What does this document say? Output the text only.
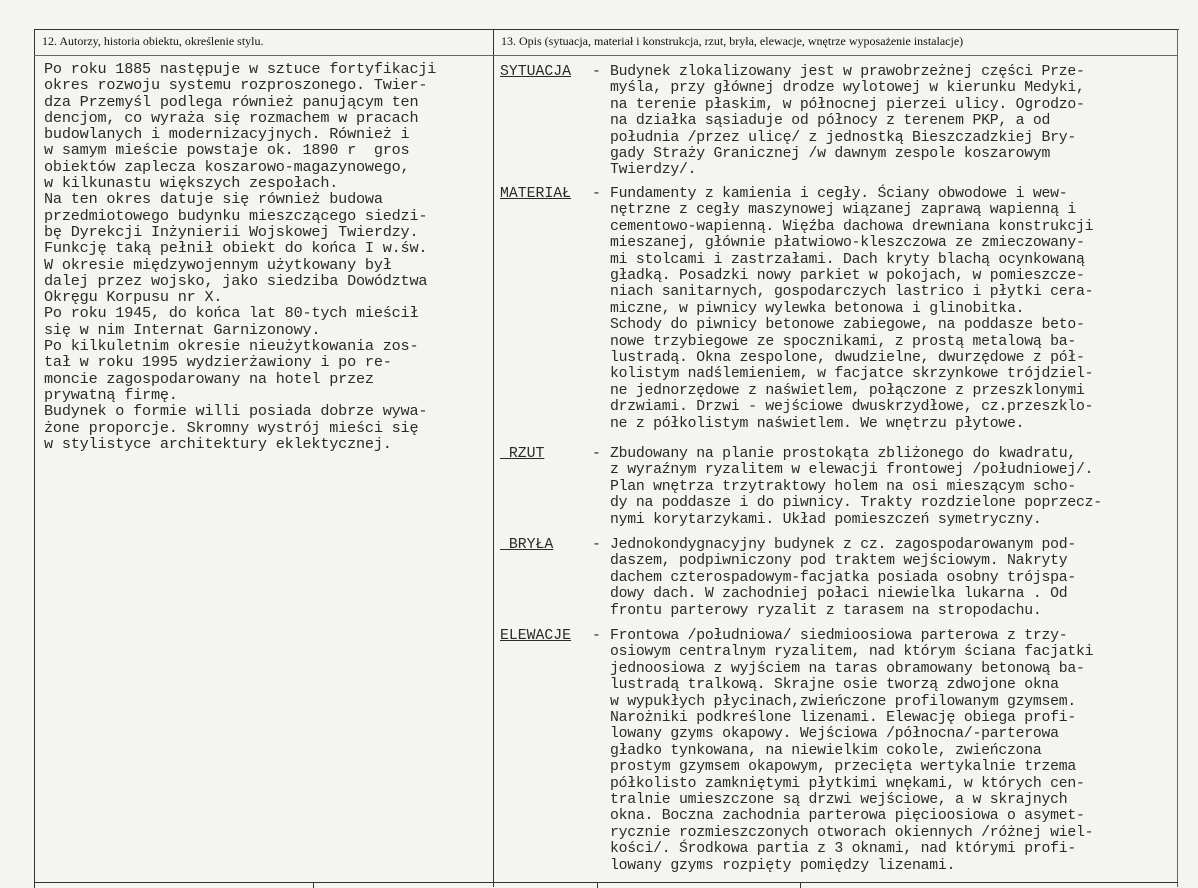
12. Autorzy, historia obiektu, określenie stylu.	13. Opis (sytuacja, materiał i konstrukcja, rzut, bryła, elewacje, wnętrze wyposażenie instalacje)
Po roku 1885 następuje w sztuce fortyfikacji
okres rozwoju systemu rozproszonego. Twier-
dza Przemyśl podlega również panującym ten
dencjom, co wyraża się rozmachem w pracach
budowlanych i modernizacyjnych. Również i
w samym mieście powstaje ok. 1890 r  gros
obiektów zaplecza koszarowo-magazynowego,
w kilkunastu większych zespołach.
Na ten okres datuje się również budowa
przedmiotowego budynku mieszczącego siedzi-
bę Dyrekcji Inżynierii Wojskowej Twierdzy.
Funkcję taką pełnił obiekt do końca I w.św.
W okresie międzywojennym użytkowany był
dalej przez wojsko, jako siedziba Dowództwa
Okręgu Korpusu nr X.
Po roku 1945, do końca lat 80-tych mieścił
się w nim Internat Garnizonowy.
Po kilkuletnim okresie nieużytkowania zos-
tał w roku 1995 wydzierżawiony i po re-
moncie zagospodarowany na hotel przez
prywatną firmę.
Budynek o formie willi posiada dobrze wywa-
żone proporcje. Skromny wystrój mieści się
w stylistyce architektury eklektycznej.
SYTUACJA - Budynek zlokalizowany jest w prawobrzeżnej części Prze-
myśla, przy głównej drodze wylotowej w kierunku Medyki,
na terenie płaskim, w północnej pierzei ulicy. Ogrodzo-
na działka sąsiaduje od północy z terenem PKP, a od
południa /przez ulicę/ z jednostką Bieszczadzkiej Bry-
gady Straży Granicznej /w dawnym zespole koszarowym
Twierdzy/.
MATERIAŁ - Fundamenty z kamienia i cegły. Ściany obwodowe i wew-
nętrzne z cegły maszynowej wiązanej zaprawą wapienną i
cementowo-wapienną. Więźba dachowa drewniana konstrukcji
mieszanej, głównie płatwiowo-kleszczowa ze zmieczowany-
mi stolcami i zastrzałami. Dach kryty blachą ocynkowaną
gładką. Posadzki nowy parkiet w pokojach, w pomieszcze-
niach sanitarnych, gospodarczych lastrico i płytki cera-
miczne, w piwnicy wylewka betonowa i glinobitka.
Schody do piwnicy betonowe zabiegowe, na poddasze beto-
nowe trzybiegowe ze spocznikami, z prostą metalową ba-
lustradą. Okna zespolone, dwudzielne, dwurzędowe z pół-
kolistym nadślemieniem, w facjatce skrzynkowe trójdziel-
ne jednorzędowe z naświetlem, połączone z przeszklonymi
drzwiami. Drzwi - wejściowe dwuskrzydłowe, cz.przeszklo-
ne z półkolistym naświetlem. We wnętrzu płytowe.
RZUT	- Zbudowany na planie prostokąta zbliżonego do kwadratu,
z wyraźnym ryzalitem w elewacji frontowej /południowej/.
Plan wnętrza trzytraktowy holem na osi mieszącym scho-
dy na poddasze i do piwnicy. Trakty rozdzielone poprzecz-
nymi korytarzykami. Układ pomieszczeń symetryczny.
BRYŁA	- Jednokondygnacyjny budynek z cz. zagospodarowanym pod-
daszem, podpiwniczony pod traktem wejściowym. Nakryty
dachem czterospadowym-facjatka posiada osobny trójspa-
dowy dach. W zachodniej połaci niewielka lukarna . Od
frontu parterowy ryzalit z tarasem na stropodachu.
ELEWACJE - Frontowa /południowa/ siedmioosiowa parterowa z trzy-
osiowym centralnym ryzalitem, nad którym ściana facjatki
jednoosiowa z wyjściem na taras obramowany betonową ba-
lustradą tralkową. Skrajne osie tworzą zdwojone okna
w wypukłych płycinach,zwieńczone profilowanym gzymsem.
Narożniki podkreślone lizenami. Elewację obiega profi-
lowany gzyms okapowy. Wejściowa /północna/-parterowa
gładko tynkowana, na niewielkim cokole, zwieńczona
prostym gzymsem okapowym, przecięta wertykalnie trzema
półkolisto zamkniętymi płytkimi wnękami, w których cen-
tralnie umieszczone są drzwi wejściowe, a w skrajnych
okna. Boczna zachodnia parterowa pięcioosiowa o asymet-
rycznie rozmieszczonych otworach okiennych /różnej wiel-
kości/. Środkowa partia z 3 oknami, nad którymi profi-
lowany gzyms rozpięty pomiędzy lizenami.
